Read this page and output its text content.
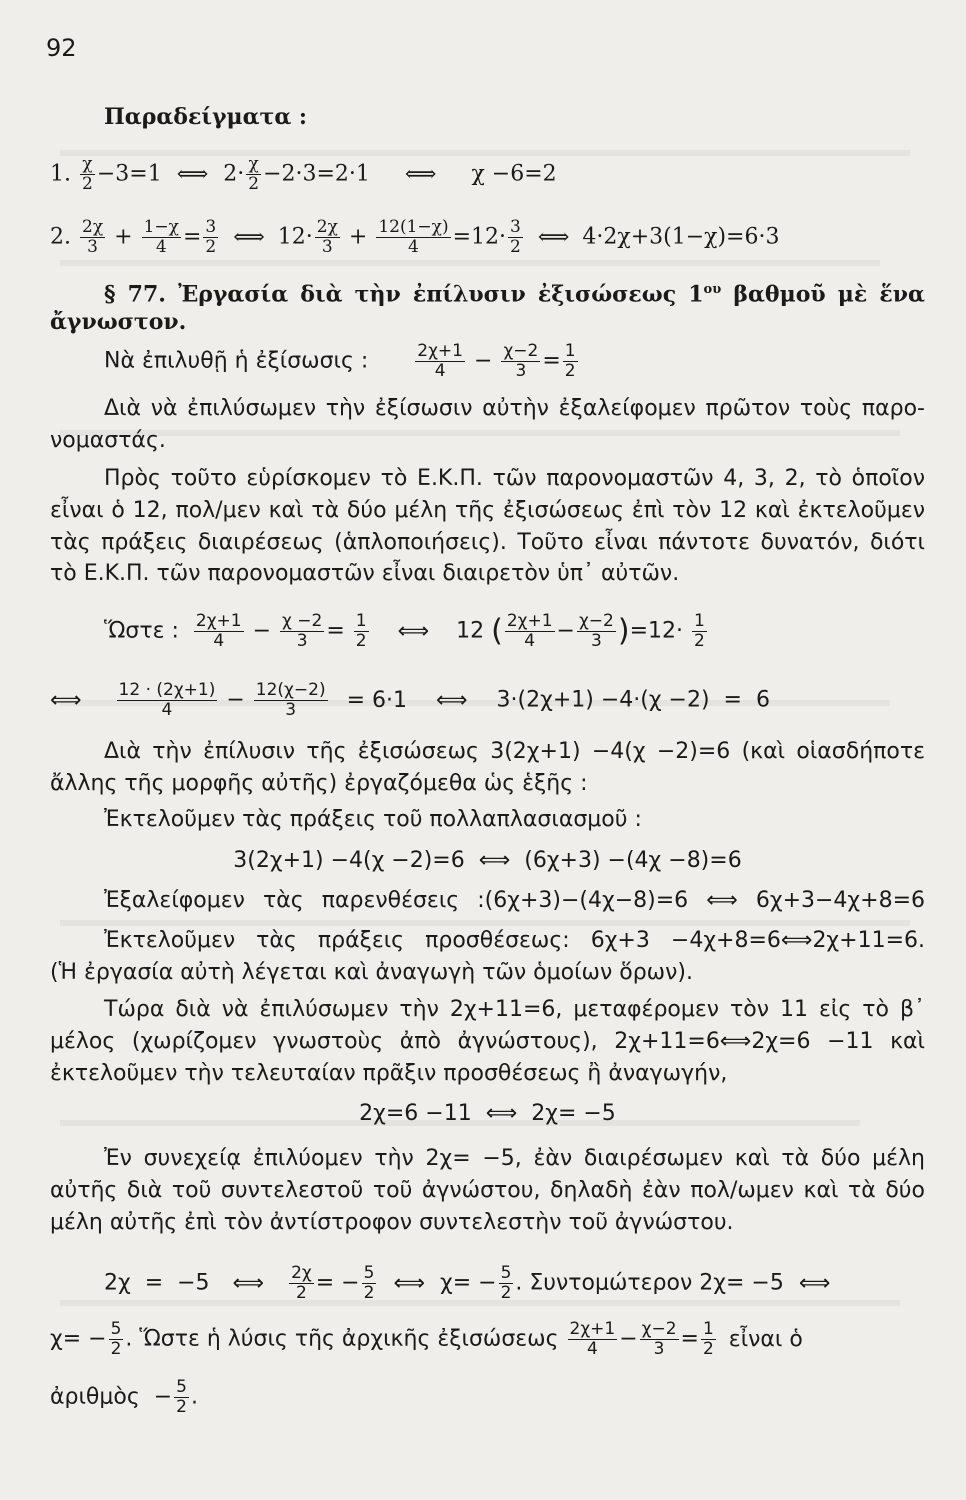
92
Παραδείγματα :
1. $\frac{\chi}{2} -3=1$ ⟺ $2\cdot \frac{\chi}{2} -2\cdot 3=2\cdot 1$ ⟺ χ −6=2
2. $\frac{2\chi}{3} + \frac{1-\chi}{4} = \frac{3}{2}$ ⟺ $12\cdot \frac{2\chi}{3} + \frac{12(1-\chi)}{4} =12\cdot \frac{3}{2}$ ⟺ 4·2χ+3(1−χ)=6·3
§ 77. Ἐργασία διὰ τὴν ἐπίλυσιν ἐξισώσεως $1^{o\upsilon}$ βαθμοῦ μὲ ἕνα
ἄγνωστον.
Νὰ ἐπιλυθῇ ἡ ἐξίσωσις :	$\frac{2\chi+1}{4} - \frac{\chi-2}{3} = \frac{1}{2}$
Διὰ νὰ ἐπιλύσωμεν τὴν ἐξίσωσιν αὐτὴν ἐξαλείφομεν πρῶτον τοὺς παρο-
νομαστάς.
Πρὸς τοῦτο εὑρίσκομεν τὸ Ε.Κ.Π. τῶν παρονομαστῶν 4, 3, 2, τὸ ὁποῖον
εἶναι ὁ 12, πολ/μεν καὶ τὰ δύο μέλη τῆς ἐξισώσεως ἐπὶ τὸν 12 καὶ ἐκτελοῦμεν
τὰς πράξεις διαιρέσεως (ἁπλοποιήσεις). Τοῦτο εἶναι πάντοτε δυνατόν, διότι
τὸ Ε.Κ.Π. τῶν παρονομαστῶν εἶναι διαιρετὸν ὑπ᾽ αὐτῶν.
Ὥστε : $\frac{2\chi+1}{4} - \frac{\chi -2}{3} = \frac{1}{2}$ ⟺ 12 ( $\frac{2\chi+1}{4} - \frac{\chi-2}{3} )=12\cdot \frac{1}{2}$
⟺ $\frac{12 \cdot (2\chi+1)}{4} - \frac{12(\chi-2)}{3} = 6\cdot 1$ ⟺ 3·(2χ+1) −4·(χ −2)  =  6
Διὰ τὴν ἐπίλυσιν τῆς ἐξισώσεως 3(2χ+1) −4(χ −2)=6 (καὶ οἱασδήποτε
ἄλλης τῆς μορφῆς αὐτῆς) ἐργαζόμεθα ὡς ἑξῆς :
Ἐκτελοῦμεν τὰς πράξεις τοῦ πολλαπλασιασμοῦ :
3(2χ+1) −4(χ −2)=6  ⟺  (6χ+3) −(4χ −8)=6
Ἐξαλείφομεν τὰς παρενθέσεις :(6χ+3)−(4χ−8)=6 ⟺ 6χ+3−4χ+8=6
Ἐκτελοῦμεν τὰς πράξεις προσθέσεως: 6χ+3 −4χ+8=6⟺2χ+11=6.
(Ἡ ἐργασία αὐτὴ λέγεται καὶ ἀναγωγὴ τῶν ὁμοίων ὅρων).
Τώρα διὰ νὰ ἐπιλύσωμεν τὴν 2χ+11=6, μεταφέρομεν τὸν 11 εἰς τὸ β᾽
μέλος (χωρίζομεν γνωστοὺς ἀπὸ ἀγνώστους), 2χ+11=6⟺2χ=6 −11 καὶ
ἐκτελοῦμεν τὴν τελευταίαν πρᾶξιν προσθέσεως ἢ ἀναγωγήν,
2χ=6 −11  ⟺  2χ= −5
Ἐν συνεχείᾳ ἐπιλύομεν τὴν 2χ= −5, ἐὰν διαιρέσωμεν καὶ τὰ δύο μέλη
αὐτῆς διὰ τοῦ συντελεστοῦ τοῦ ἀγνώστου, δηλαδὴ ἐὰν πολ/ωμεν καὶ τὰ δύο
μέλη αὐτῆς ἐπὶ τὸν ἀντίστροφον συντελεστὴν τοῦ ἀγνώστου.
2χ  =  −5 ⟺ $\frac{2\chi}{2}$ = − $\frac{5}{2}$ ⟺ $\chi= - \frac{5}{2}$ . Συντομώτερον 2χ= −5 ⟺
$\chi= - \frac{5}{2}$ . Ὥστε ἡ λύσις τῆς ἀρχικῆς ἐξισώσεως $\frac{2\chi+1}{4} - \frac{\chi-2}{3} = \frac{1}{2}$ εἶναι ὁ
ἀριθμὸς  − $\frac{5}{2}$ .
